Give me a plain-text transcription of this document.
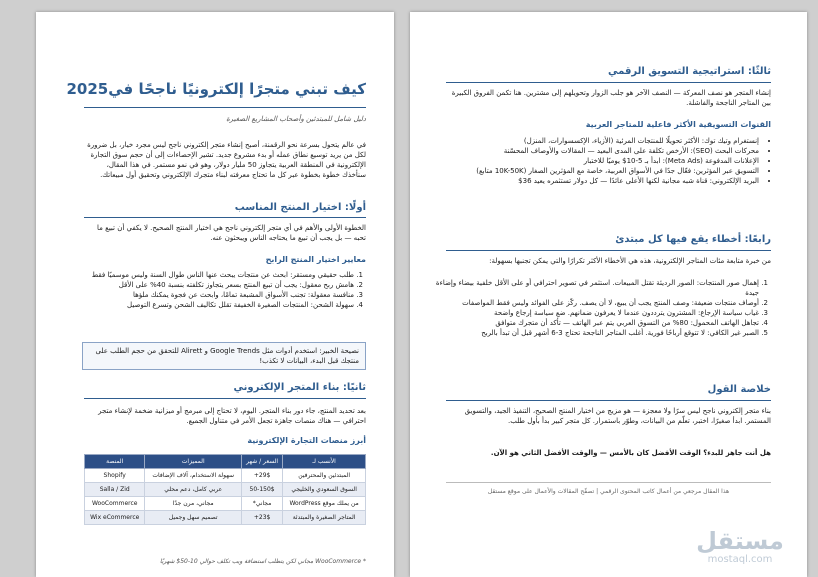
كيف تبني متجرًا إلكترونيًا ناجحًا في2025
دليل شامل للمبتدئين وأصحاب المشاريع الصغيرة
في عالم يتحول بسرعة نحو الرقمنة، أصبح إنشاء متجر إلكتروني ناجح ليس مجرد خيار، بل ضرورة لكل من يريد توسيع نطاق عمله أو بدء مشروع جديد. تشير الإحصاءات إلى أن حجم سوق التجارة الإلكترونية في المنطقة العربية يتجاوز 50 مليار دولار، وهو في نمو مستمر. في هذا المقال، سنأخذك خطوة بخطوة عبر كل ما تحتاج معرفته لبناء متجرك الإلكتروني وتحقيق أول مبيعاتك.
أولًا: اختيار المنتج المناسب
الخطوة الأولى والأهم في أي متجر إلكتروني ناجح هي اختيار المنتج الصحيح. لا يكفي أن تبيع ما تحبه — بل يجب أن تبيع ما يحتاجه الناس ويبحثون عنه.
معايير اختيار المنتج الرابح
1. طلب حقيقي ومستقر: ابحث عن منتجات يبحث عنها الناس طوال السنة وليس موسميًا فقط
2. هامش ربح معقول: يجب أن تبيع المنتج بسعر يتجاوز تكلفته بنسبة 40% على الأقل
3. منافسة معقولة: تجنب الأسواق المشبعة تمامًا، وابحث عن فجوة يمكنك ملؤها
4. سهولة الشحن: المنتجات الصغيرة الخفيفة تقلل تكاليف الشحن وتسرع التوصيل
نصيحة الخبير: استخدم أدوات مثل Google Trends و Alirett للتحقق من حجم الطلب على منتجك قبل البدء، البيانات لا تكذب!
ثانيًا: بناء المتجر الإلكتروني
بعد تحديد المنتج، جاء دور بناء المتجر. اليوم، لا تحتاج إلى مبرمج أو ميزانية ضخمة لإنشاء متجر احترافي — هناك منصات جاهزة تجعل الأمر في متناول الجميع.
أبرز منصات التجارة الإلكترونية
الأنسب لـ	السعر / شهر	المميزات	المنصة
المبتدئين والمحترفين	29$+	سهولة الاستخدام، آلاف الإضافات	Shopify
السوق السعودي والخليجي	50-150$	عربي كامل، دعم محلي	Salla / Zid
من يملك موقع WordPress	مجاني*	مجاني، مرن جدًا	WooCommerce
المتاجر الصغيرة والمبتدئة	23$+	تصميم سهل وجميل	Wix eCommerce
* WooCommerce مجاني لكن يتطلب استضافة ويب تكلف حوالي 10-50$ شهريًا
ثالثًا: استراتيجية التسويق الرقمي
إنشاء المتجر هو نصف المعركة — النصف الآخر هو جلب الزوار وتحويلهم إلى مشترين. هنا تكمن الفروق الكبيرة بين المتاجر الناجحة والفاشلة.
القنوات التسويقية الأكثر فاعلية للمتاجر العربية
• إنستغرام وتيك توك: الأكثر تحويلًا للمنتجات المرئية (الأزياء، الإكسسوارات، المنزل)
• محركات البحث (SEO): الأرخص تكلفة على المدى البعيد — المقالات والأوصاف المحسّنة
• الإعلانات المدفوعة (Meta Ads): ابدأ بـ 5-10$ يوميًا للاختبار
• التسويق عبر المؤثرين: فعّال جدًا في الأسواق العربية، خاصة مع المؤثرين الصغار (10K-50K متابع)
• البريد الإلكتروني: قناة شبه مجانية لكنها الأعلى عائدًا — كل دولار تستثمره يعيد 36$
رابعًا: أخطاء يقع فيها كل مبتدئ
من خبرة متابعة مئات المتاجر الإلكترونية، هذه هي الأخطاء الأكثر تكرارًا والتي يمكن تجنبها بسهولة:
1. إهمال صور المنتجات: الصور الرديئة تقتل المبيعات. استثمر في تصوير احترافي أو على الأقل خلفية بيضاء وإضاءة جيدة
2. أوصاف منتجات ضعيفة: وصف المنتج يجب أن يبيع، لا أن يصف. ركّز على الفوائد وليس فقط المواصفات
3. غياب سياسة الإرجاع: المشترون يترددون عندما لا يعرفون ضمانهم. ضع سياسة إرجاع واضحة
4. تجاهل الهاتف المحمول: 80% من التسوق العربي يتم عبر الهاتف — تأكد أن متجرك متوافق
5. الصبر غير الكافي: لا تتوقع أرباحًا فورية. أغلب المتاجر الناجحة تحتاج 3-6 أشهر قبل أن تبدأ بالربح
خلاصة القول
بناء متجر إلكتروني ناجح ليس سرًا ولا معجزة — هو مزيج من اختيار المنتج الصحيح، التنفيذ الجيد، والتسويق المستمر. ابدأ صغيرًا، اختبر، تعلّم من البيانات، وطوّر باستمرار. كل متجر كبير بدأ بأول طلب.
هل أنت جاهز للبدء؟ الوقت الأفضل كان بالأمس — والوقت الأفضل الثاني هو الآن.
هذا المقال مرجعي من أعمال كاتب المحتوى الرقمي | تصفّح المقالات والأعمال على موقع مستقل
مستقل
mostaql.com
